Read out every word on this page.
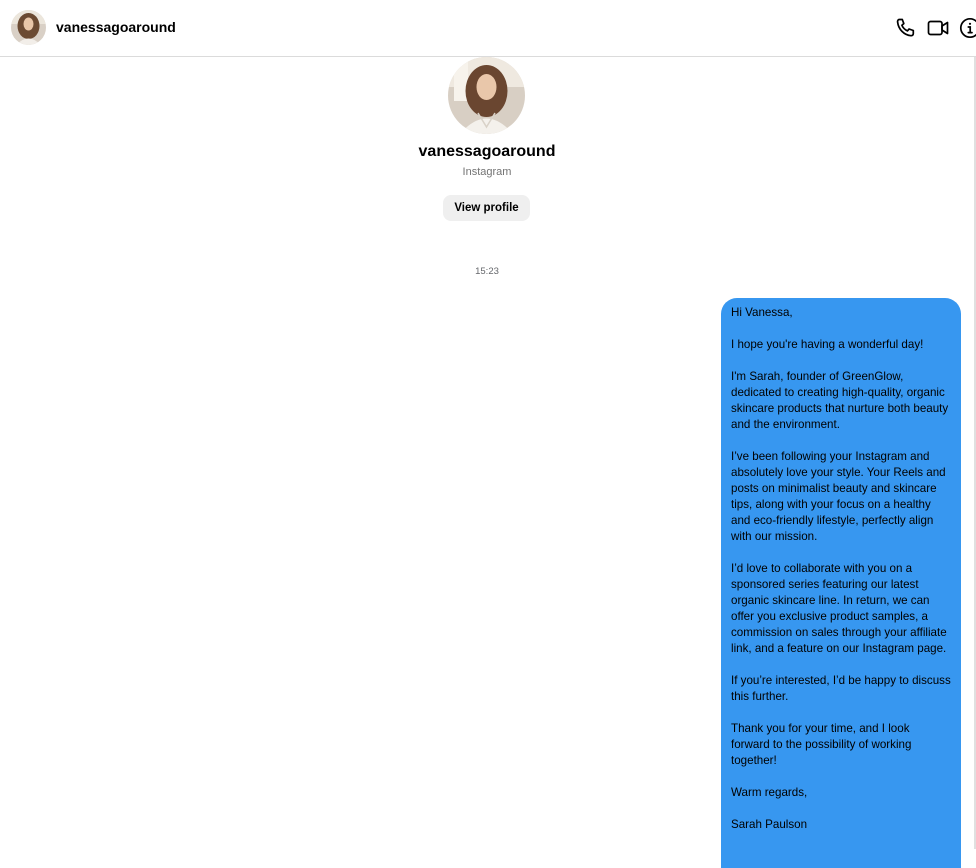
vanessagoaround
vanessagoaround
Instagram
View profile
15:23

Hi Vanessa,

I hope you're having a wonderful day!

I'm Sarah, founder of GreenGlow, dedicated to creating high-quality, organic skincare products that nurture both beauty and the environment.

I’ve been following your Instagram and absolutely love your style. Your Reels and posts on minimalist beauty and skincare tips, along with your focus on a healthy and eco-friendly lifestyle, perfectly align with our mission.

I’d love to collaborate with you on a sponsored series featuring our latest organic skincare line. In return, we can offer you exclusive product samples, a commission on sales through your affiliate link, and a feature on our Instagram page.

If you’re interested, I’d be happy to discuss this further.

Thank you for your time, and I look forward to the possibility of working together!

Warm regards,

Sarah Paulson
